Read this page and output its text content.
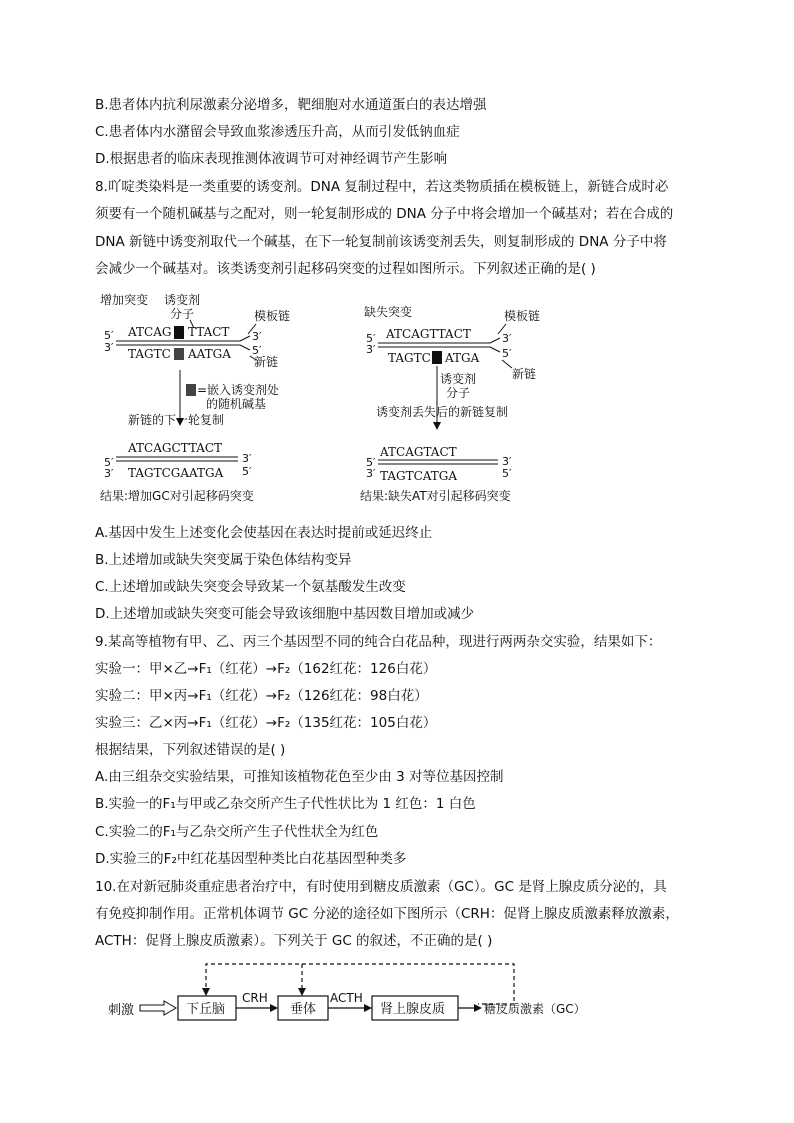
B.患者体内抗利尿激素分泌增多，靶细胞对水通道蛋白的表达增强
C.患者体内水潴留会导致血浆渗透压升高，从而引发低钠血症
D.根据患者的临床表现推测体液调节可对神经调节产生影响
8.吖啶类染料是一类重要的诱变剂。DNA 复制过程中，若这类物质插在模板链上，新链合成时必
须要有一个随机碱基与之配对，则一轮复制形成的 DNA 分子中将会增加一个碱基对；若在合成的
DNA 新链中诱变剂取代一个碱基，在下一轮复制前该诱变剂丢失，则复制形成的 DNA 分子中将
会减少一个碱基对。该类诱变剂引起移码突变的过程如图所示。下列叙述正确的是( )
增加突变 诱变剂
分子	模板链
5′
3′
ATCAG TTACT 3′
5′
TAGTC AATGA
新链
=嵌入诱变剂处
的随机碱基
新链的下一轮复制
ATCAGCTTACT
5′
3′
3′
5′
TAGTCGAATGA
结果:增加GC对引起移码突变
缺失突变	模板链
5′
3′
ATCAGTTACT	3′
5′
TAGTC ATGA
新链
诱变剂
分子
诱变剂丢失后的新链复制
ATCAGTACT
5′
3′
3′
5′
TAGTCATGA
结果:缺失AT对引起移码突变
A.基因中发生上述变化会使基因在表达时提前或延迟终止
B.上述增加或缺失突变属于染色体结构变异
C.上述增加或缺失突变会导致某一个氨基酸发生改变
D.上述增加或缺失突变可能会导致该细胞中基因数目增加或减少
9.某高等植物有甲、乙、丙三个基因型不同的纯合白花品种，现进行两两杂交实验，结果如下：
实验一：甲×乙→F₁（红花）→F₂（162红花：126白花）
实验二：甲×丙→F₁（红花）→F₂（126红花：98白花）
实验三：乙×丙→F₁（红花）→F₂（135红花：105白花）
根据结果，下列叙述错误的是( )
A.由三组杂交实验结果，可推知该植物花色至少由 3 对等位基因控制
B.实验一的F₁与甲或乙杂交所产生子代性状比为 1 红色：1 白色
C.实验二的F₁与乙杂交所产生子代性状全为红色
D.实验三的F₂中红花基因型种类比白花基因型种类多
10.在对新冠肺炎重症患者治疗中，有时使用到糖皮质激素（GC）。GC 是肾上腺皮质分泌的，具
有免疫抑制作用。正常机体调节 GC 分泌的途径如下图所示（CRH：促肾上腺皮质激素释放激素，
ACTH：促肾上腺皮质激素）。下列关于 GC 的叙述，不正确的是( )
刺激	下丘脑
CRH
垂体
ACTH
肾上腺皮质	糖皮质激素（GC）
